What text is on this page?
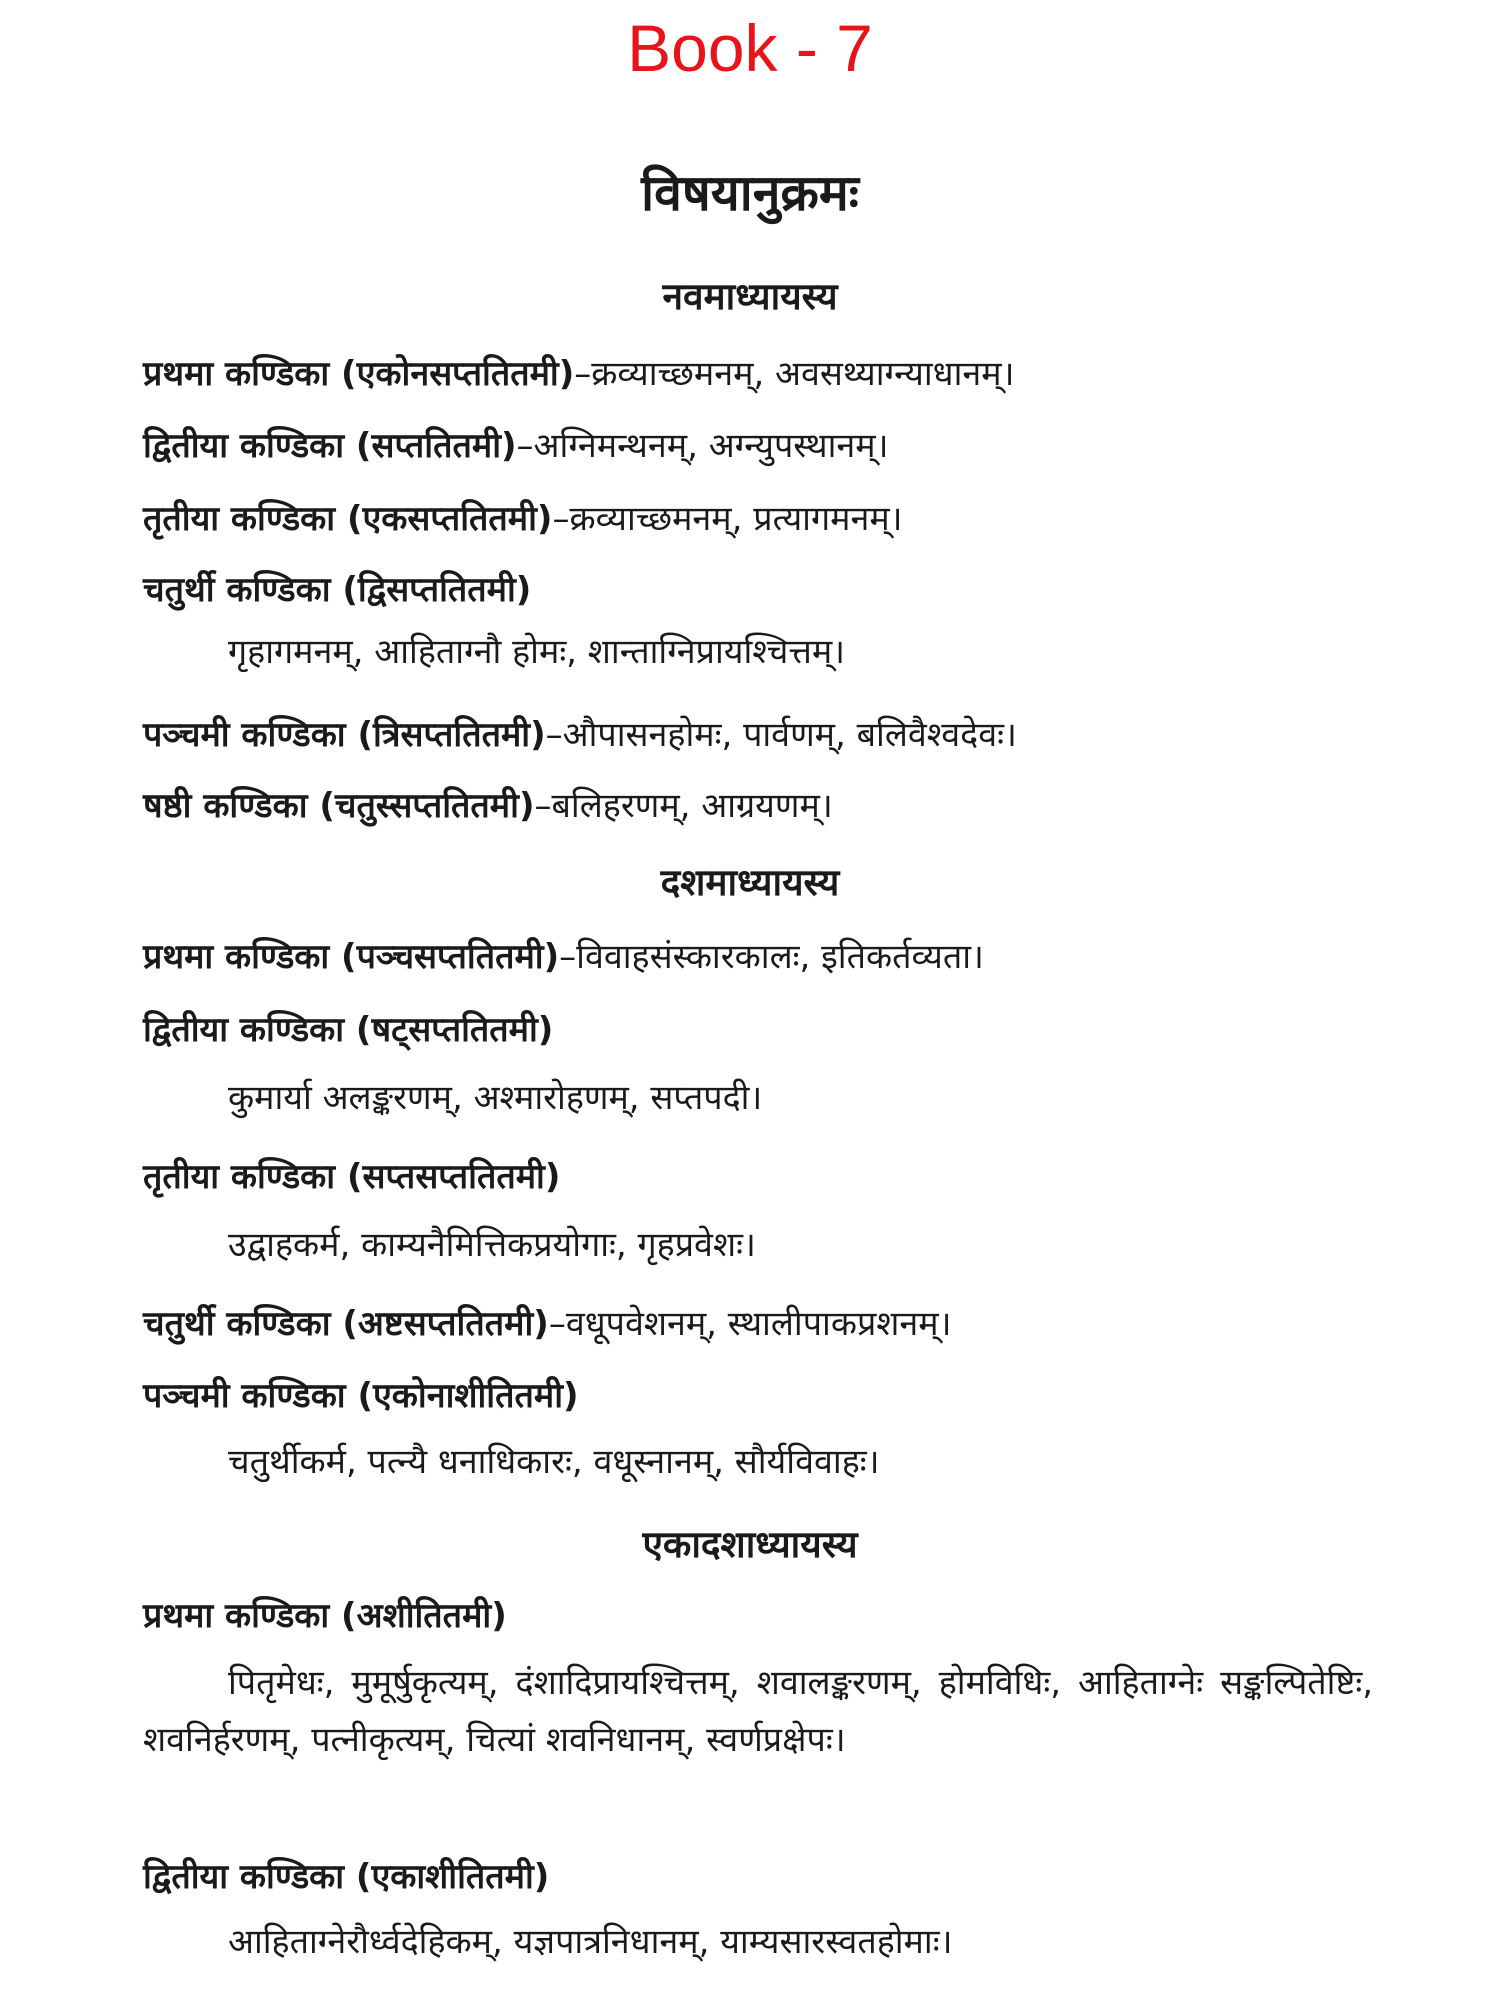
Book - 7
विषयानुक्रमः
नवमाध्यायस्य
प्रथमा कण्डिका (एकोनसप्ततितमी)–क्रव्याच्छमनम्, अवसथ्याग्न्याधानम्।
द्वितीया कण्डिका (सप्ततितमी)–अग्निमन्थनम्, अग्न्युपस्थानम्।
तृतीया कण्डिका (एकसप्ततितमी)–क्रव्याच्छमनम्, प्रत्यागमनम्।
चतुर्थी कण्डिका (द्विसप्ततितमी)
गृहागमनम्, आहिताग्नौ होमः, शान्ताग्निप्रायश्चित्तम्।
पञ्चमी कण्डिका (त्रिसप्ततितमी)–औपासनहोमः, पार्वणम्, बलिवैश्वदेवः।
षष्ठी कण्डिका (चतुस्सप्ततितमी)–बलिहरणम्, आग्रयणम्।
दशमाध्यायस्य
प्रथमा कण्डिका (पञ्चसप्ततितमी)–विवाहसंस्कारकालः, इतिकर्तव्यता।
द्वितीया कण्डिका (षट्सप्ततितमी)
कुमार्या अलङ्करणम्, अश्मारोहणम्, सप्तपदी।
तृतीया कण्डिका (सप्तसप्ततितमी)
उद्वाहकर्म, काम्यनैमित्तिकप्रयोगाः, गृहप्रवेशः।
चतुर्थी कण्डिका (अष्टसप्ततितमी)–वधूपवेशनम्, स्थालीपाकप्रशनम्।
पञ्चमी कण्डिका (एकोनाशीतितमी)
चतुर्थीकर्म, पत्न्यै धनाधिकारः, वधूस्नानम्, सौर्यविवाहः।
एकादशाध्यायस्य
प्रथमा कण्डिका (अशीतितमी)
पितृमेधः, मुमूर्षुकृत्यम्, दंशादिप्रायश्चित्तम्, शवालङ्करणम्, होमविधिः, आहिताग्नेः सङ्कल्पितेष्टिः, शवनिर्हरणम्, पत्नीकृत्यम्, चित्यां शवनिधानम्, स्वर्णप्रक्षेपः।
द्वितीया कण्डिका (एकाशीतितमी)
आहिताग्नेरौर्ध्वदेहिकम्, यज्ञपात्रनिधानम्, याम्यसारस्वतहोमाः।
